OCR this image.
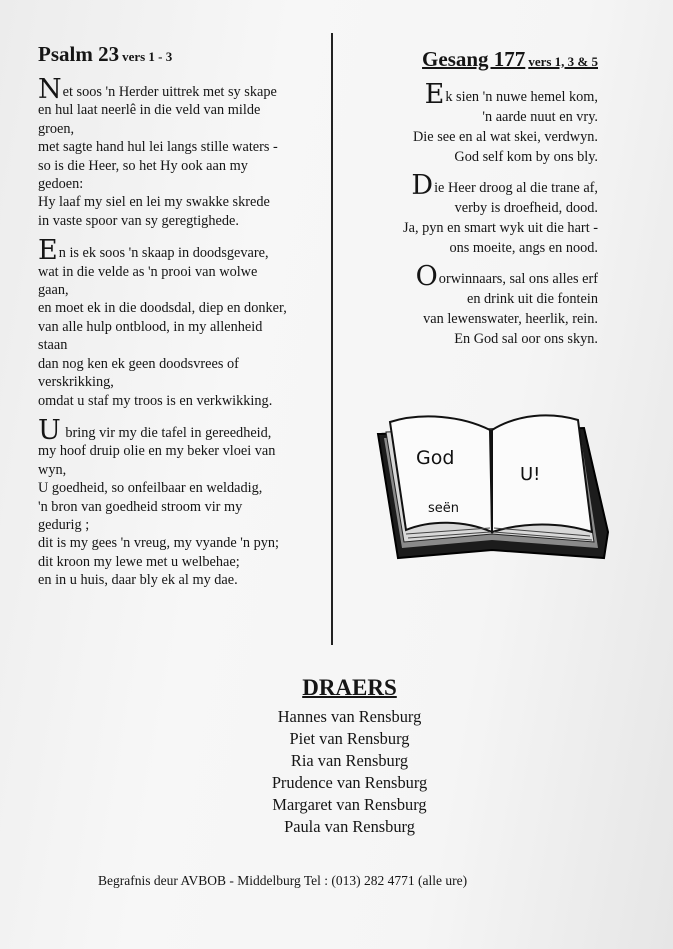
Psalm 23 vers 1 - 3
Net soos 'n Herder uittrek met sy skape
en hul laat neerlê in die veld van milde
groen,
met sagte hand hul lei langs stille waters -
so is die Heer, so het Hy ook aan my
gedoen:
Hy laaf my siel en lei my swakke skrede
in vaste spoor van sy geregtighede.
En is ek soos 'n skaap in doodsgevare,
wat in die velde as 'n prooi van wolwe
gaan,
en moet ek in die doodsdal, diep en donker,
van alle hulp ontblood, in my allenheid
staan
dan nog ken ek geen doodsvrees of
verskrikking,
omdat u staf my troos is en verkwikking.
U bring vir my die tafel in gereedheid,
my hoof druip olie en my beker vloei van
wyn,
U goedheid, so onfeilbaar en weldadig,
'n bron van goedheid stroom vir my
gedurig ;
dit is my gees 'n vreug, my vyande 'n pyn;
dit kroon my lewe met u welbehae;
en in u huis, daar bly ek al my dae.
Gesang 177 vers 1, 3 & 5
Ek sien 'n nuwe hemel kom,
'n aarde nuut en vry.
Die see en al wat skei, verdwyn.
God self kom by ons bly.
Die Heer droog al die trane af,
verby is droefheid, dood.
Ja, pyn en smart wyk uit die hart -
ons moeite, angs en nood.
Oorwinnaars, sal ons alles erf
en drink uit die fontein
van lewenswater, heerlik, rein.
En God sal oor ons skyn.
God
seën
U!
DRAERS
Hannes van Rensburg
Piet van Rensburg
Ria van Rensburg
Prudence van Rensburg
Margaret van Rensburg
Paula van Rensburg
Begrafnis deur AVBOB - Middelburg Tel : (013) 282 4771 (alle ure)
